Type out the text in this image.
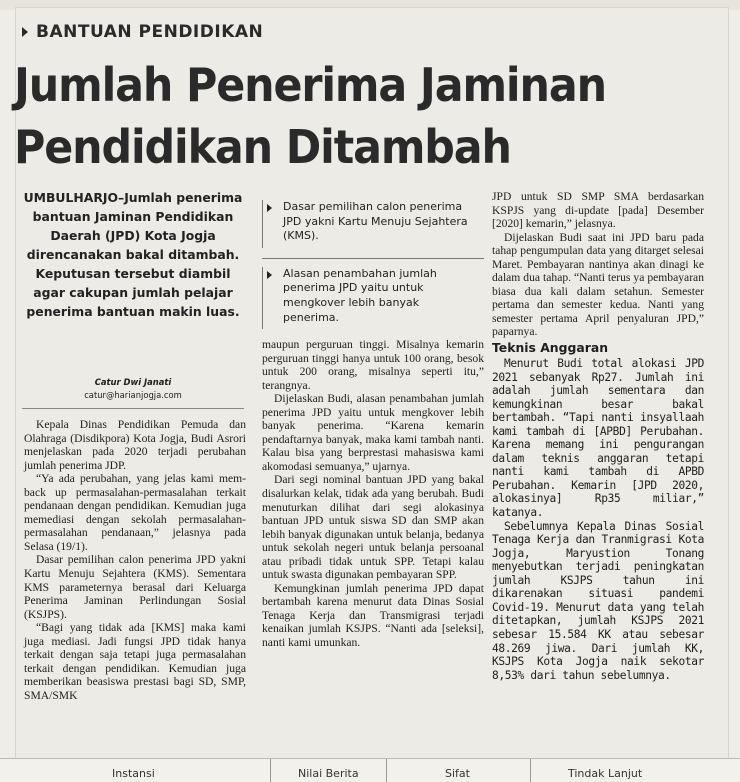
BANTUAN PENDIDIKAN
Jumlah Penerima Jaminan
Pendidikan Ditambah
UMBULHARJO–Jumlah penerima bantuan Jaminan Pendidikan Daerah (JPD) Kota Jogja direncanakan bakal ditambah. Keputusan tersebut diambil agar cakupan jumlah pelajar penerima bantuan makin luas.
Catur Dwi Janati
catur@harianjogja.com
Dasar pemilihan calon penerima JPD yakni Kartu Menuju Sejahtera (KMS).
Alasan penambahan jumlah penerima JPD yaitu untuk mengkover lebih banyak penerima.

Kepala Dinas Pendidikan Pemuda dan Olahraga (Disdikpora) Kota Jogja, Budi Asrori menjelaskan pada 2020 terjadi perubahan jumlah penerima JDP.

“Ya ada perubahan, yang jelas kami mem-back up permasalahan-permasalahan terkait pendanaan dengan pendidikan. Kemudian juga memediasi dengan sekolah permasalahan-permasalahan pendanaan,” jelasnya pada Selasa (19/1).

Dasar pemilihan calon penerima JPD yakni Kartu Menuju Sejahtera (KMS). Sementara KMS parameternya berasal dari Keluarga Penerima Jaminan Perlindungan Sosial (KSJPS).

“Bagi yang tidak ada [KMS] maka kami juga mediasi. Jadi fungsi JPD tidak hanya terkait dengan saja tetapi juga permasalahan terkait dengan pendidikan. Kemudian juga memberikan beasiswa prestasi bagi SD, SMP, SMA/SMK

maupun perguruan tinggi. Misalnya kemarin perguruan tinggi hanya untuk 100 orang, besok untuk 200 orang, misalnya seperti itu,” terangnya.

Dijelaskan Budi, alasan penambahan jumlah penerima JPD yaitu untuk mengkover lebih banyak penerima. “Karena kemarin pendaftarnya banyak, maka kami tambah nanti. Kalau bisa yang berprestasi mahasiswa kami akomodasi semuanya,” ujarnya.

Dari segi nominal bantuan JPD yang bakal disalurkan kelak, tidak ada yang berubah. Budi menuturkan dilihat dari segi alokasinya bantuan JPD untuk siswa SD dan SMP akan lebih banyak digunakan untuk belanja, bedanya untuk sekolah negeri untuk belanja persoanal atau pribadi tidak untuk SPP. Tetapi kalau untuk swasta digunakan pembayaran SPP.

Kemungkinan jumlah penerima JPD dapat bertambah karena menurut data Dinas Sosial Tenaga Kerja dan Transmigrasi terjadi kenaikan jumlah KSJPS. “Nanti ada [seleksi], nanti kami umunkan.

JPD untuk SD SMP SMA berdasarkan KSPJS yang di-update [pada] Desember [2020] kemarin,” jelasnya.

Dijelaskan Budi saat ini JPD baru pada tahap pengumpulan data yang ditarget selesai Maret. Pembayaran nantinya akan dinagi ke dalam dua tahap. “Nanti terus ya pembayaran biasa dua kali dalam setahun. Semester pertama dan semester kedua. Nanti yang semester pertama April penyaluran JPD,” paparnya.

Teknis Anggaran

Menurut Budi total alokasi JPD 2021 sebanyak Rp27. Jumlah ini adalah jumlah sementara dan kemungkinan besar bakal bertambah. “Tapi nanti insyallaah kami tambah di [APBD] Perubahan. Karena memang ini pengurangan dalam teknis anggaran tetapi nanti kami tambah di APBD Perubahan. Kemarin [JPD 2020, alokasinya] Rp35 miliar,” katanya.

Sebelumnya Kepala Dinas Sosial Tenaga Kerja dan Tranmigrasi Kota Jogja, Maryustion Tonang menyebutkan terjadi peningkatan jumlah KSJPS tahun ini dikarenakan situasi pandemi Covid-19. Menurut data yang telah ditetapkan, jumlah KSJPS 2021 sebesar 15.584 KK atau sebesar 48.269 jiwa. Dari jumlah KK, KSJPS Kota Jogja naik sekotar 8,53% dari tahun sebelumnya.

Instansi	Nilai Berita	Sifat	Tindak Lanjut
